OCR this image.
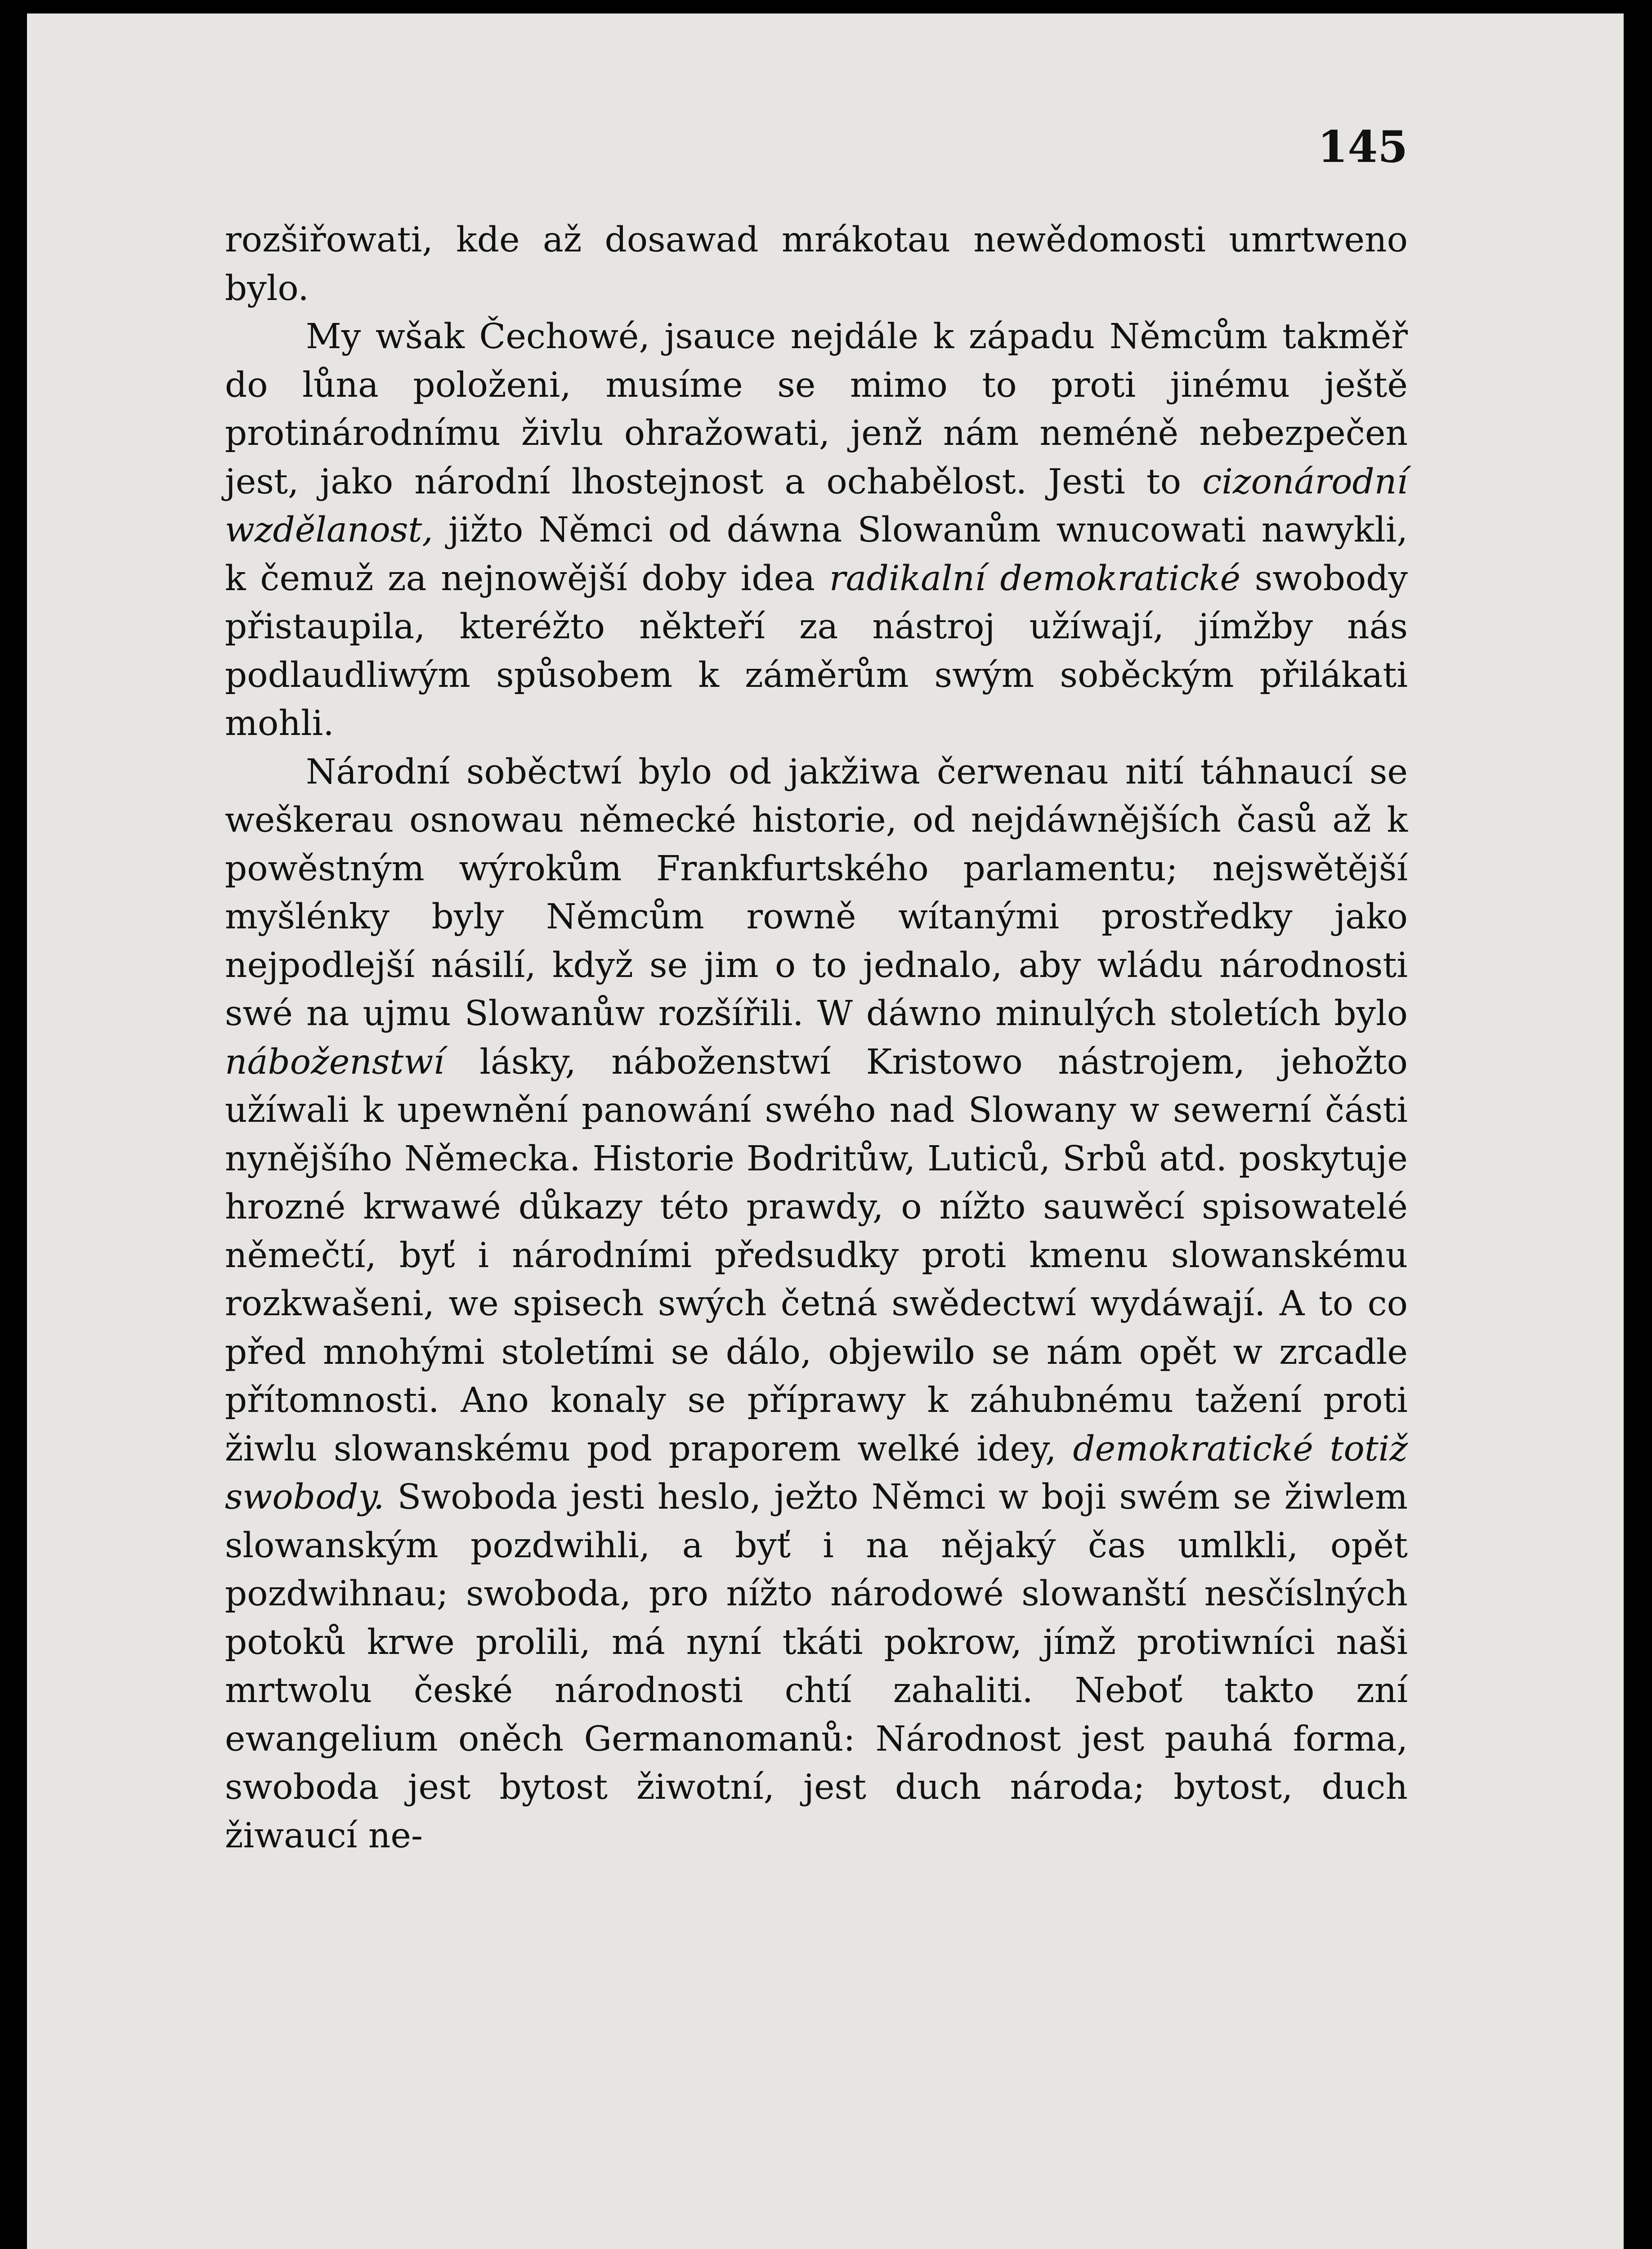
145

rozšiřowati, kde až dosawad mrákotau newědomosti umrtweno bylo.

My wšak Čechowé, jsauce nejdále k západu Němcům takměř do lůna položeni, musíme se mimo to proti jinému ještě protinárodnímu živlu ohražowati, jenž nám neméně nebezpečen jest, jako národní lhostejnost a ochabělost. Jesti to cizonárodní wzdělanost, jižto Němci od dáwna Slowanům wnucowati nawykli, k čemuž za nejnowější doby idea radikalní demokratické swobody přistaupila, kteréžto někteří za nástroj užíwají, jímžby nás podlaudliwým spůsobem k záměrům swým soběckým přilákati mohli.

Národní soběctwí bylo od jakžiwa čerwenau nití táhnaucí se weškerau osnowau německé historie, od nejdáwnějších časů až k powěstným wýrokům Frankfurtského parlamentu; nejswětější myšlénky byly Němcům rowně wítanými prostředky jako nejpodlejší násilí, když se jim o to jednalo, aby wládu národnosti swé na ujmu Slowanůw rozšířili. W dáwno minulých stoletích bylo náboženstwí lásky, náboženstwí Kristowo nástrojem, jehožto užíwali k upewnění panowání swého nad Slowany w sewerní části nynějšího Německa. Historie Bodritůw, Luticů, Srbů atd. poskytuje hrozné krwawé důkazy této prawdy, o nížto sauwěcí spisowatelé němečtí, byť i národními předsudky proti kmenu slowanskému rozkwašeni, we spisech swých četná swědectwí wydáwají. A to co před mnohými stoletími se dálo, objewilo se nám opět w zrcadle přítomnosti. Ano konaly se příprawy k záhubnému tažení proti žiwlu slowanskému pod praporem welké idey, demokratické totiž swobody. Swoboda jesti heslo, ježto Němci w boji swém se žiwlem slowanským pozdwihli, a byť i na nějaký čas umlkli, opět pozdwihnau; swoboda, pro nížto národowé slowanští nesčíslných potoků krwe prolili, má nyní tkáti pokrow, jímž protiwníci naši mrtwolu české národnosti chtí zahaliti. Neboť takto zní ewangelium oněch Germanomanů: Národnost jest pauhá forma, swoboda jest bytost žiwotní, jest duch národa; bytost, duch žiwaucí ne-
